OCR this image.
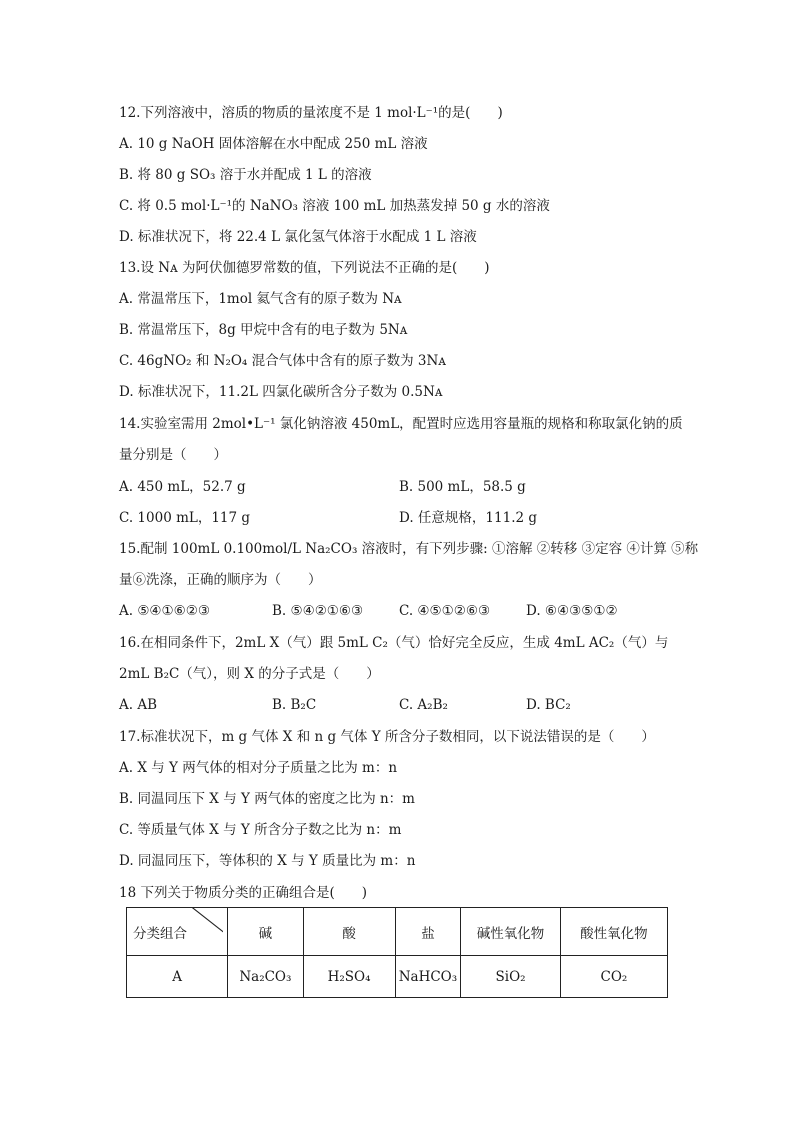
12.下列溶液中，溶质的物质的量浓度不是 1 mol·L⁻¹的是(　　)
A. 10 g NaOH 固体溶解在水中配成 250 mL 溶液
B. 将 80 g SO₃ 溶于水并配成 1 L 的溶液
C. 将 0.5 mol·L⁻¹的 NaNO₃ 溶液 100 mL 加热蒸发掉 50 g 水的溶液
D. 标准状况下，将 22.4 L 氯化氢气体溶于水配成 1 L 溶液
13.设 Nᴀ 为阿伏伽德罗常数的值，下列说法不正确的是(　　)
A. 常温常压下，1mol 氦气含有的原子数为 Nᴀ
B. 常温常压下，8g 甲烷中含有的电子数为 5Nᴀ
C. 46gNO₂ 和 N₂O₄ 混合气体中含有的原子数为 3Nᴀ
D. 标准状况下，11.2L 四氯化碳所含分子数为 0.5Nᴀ
14.实验室需用 2mol•L⁻¹ 氯化钠溶液 450mL，配置时应选用容量瓶的规格和称取氯化钠的质
量分别是（　　）
A. 450 mL，52.7 g	B. 500 mL，58.5 g
C. 1000 mL，117 g	D. 任意规格，111.2 g
15.配制 100mL 0.100mol/L Na₂CO₃ 溶液时，有下列步骤: ①溶解 ②转移 ③定容 ④计算 ⑤称
量⑥洗涤，正确的顺序为（　　）
A. ⑤④①⑥②③	B. ⑤④②①⑥③	C. ④⑤①②⑥③	D. ⑥④③⑤①②
16.在相同条件下，2mL X（气）跟 5mL C₂（气）恰好完全反应，生成 4mL AC₂（气）与
2mL B₂C（气），则 X 的分子式是（　　）
A. AB	B. B₂C	C. A₂B₂	D. BC₂
17.标准状况下，m g 气体 X 和 n g 气体 Y 所含分子数相同，以下说法错误的是（　　）
A. X 与 Y 两气体的相对分子质量之比为 m：n
B. 同温同压下 X 与 Y 两气体的密度之比为 n：m
C. 等质量气体 X 与 Y 所含分子数之比为 n：m
D. 同温同压下，等体积的 X 与 Y 质量比为 m：n
18 下列关于物质分类的正确组合是(　　)
分类组合	碱	酸	盐	碱性氧化物	酸性氧化物
A	Na₂CO₃	H₂SO₄	NaHCO₃	SiO₂	CO₂
